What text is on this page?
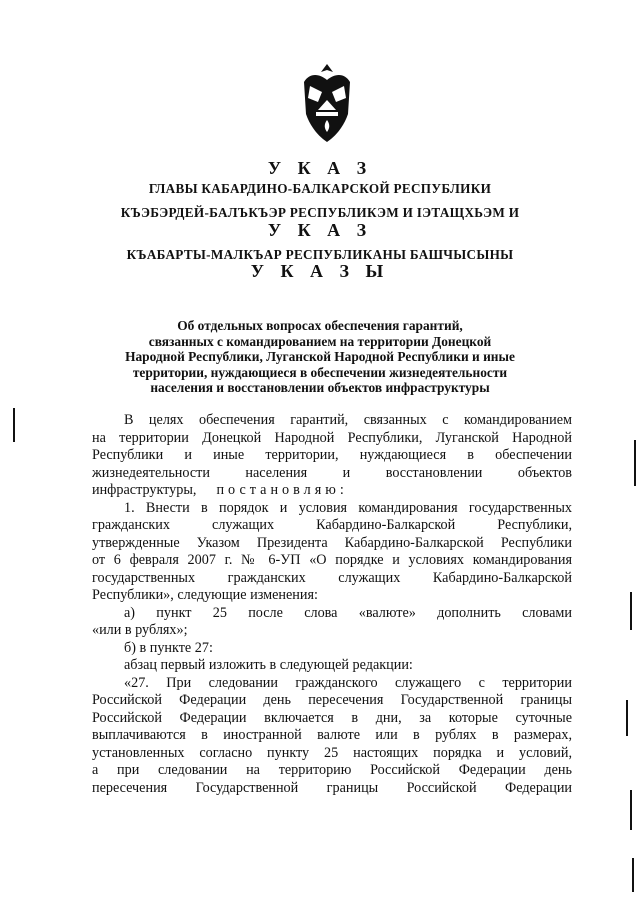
У К А З
ГЛАВЫ КАБАРДИНО-БАЛКАРСКОЙ РЕСПУБЛИКИ
КЪЭБЭРДЕЙ-БАЛЪКЪЭР РЕСПУБЛИКЭМ И ІЭТАЩХЬЭМ И
У К А З
КЪАБАРТЫ-МАЛКЪАР РЕСПУБЛИКАНЫ БАШЧЫСЫНЫ
У К А З Ы
Об отдельных вопросах обеспечения гарантий,
связанных с командированием на территории Донецкой
Народной Республики, Луганской Народной Республики и иные
территории, нуждающиеся в обеспечении жизнедеятельности
населения и восстановлении объектов инфраструктуры
В целях обеспечения гарантий, связанных с командированием
на территории Донецкой Народной Республики, Луганской Народной
Республики и иные территории, нуждающиеся в обеспечении
жизнедеятельности населения и восстановлении объектов
инфраструктуры, постановляю:
1. Внести в порядок и условия командирования государственных
гражданских служащих Кабардино-Балкарской Республики,
утвержденные Указом Президента Кабардино-Балкарской Республики
от 6 февраля 2007 г. № 6-УП «О порядке и условиях командирования
государственных гражданских служащих Кабардино-Балкарской
Республики», следующие изменения:
а) пункт 25 после слова «валюте» дополнить словами
«или в рублях»;
б) в пункте 27:
абзац первый изложить в следующей редакции:
«27. При следовании гражданского служащего с территории
Российской Федерации день пересечения Государственной границы
Российской Федерации включается в дни, за которые суточные
выплачиваются в иностранной валюте или в рублях в размерах,
установленных согласно пункту 25 настоящих порядка и условий,
а при следовании на территорию Российской Федерации день
пересечения Государственной границы Российской Федерации
